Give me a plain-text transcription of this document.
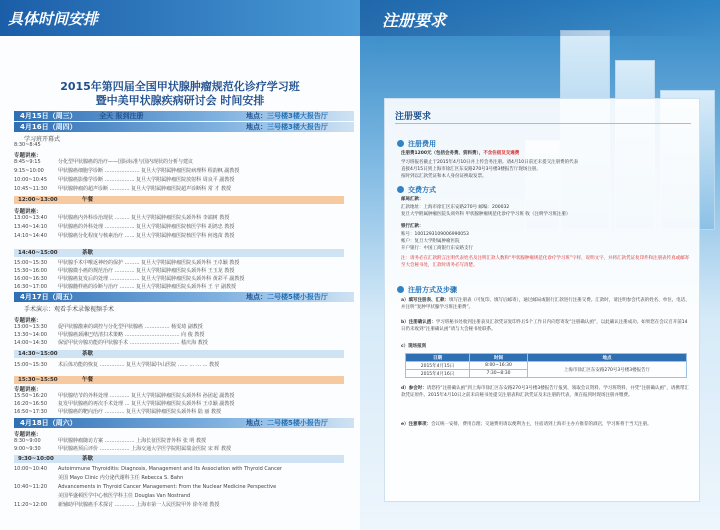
具体时间安排
2015年第四届全国甲状腺肿瘤规范化诊疗学习班
暨中美甲状腺疾病研讨会 时间安排
4月15日（周三）	全天 报到注册	地点：三号楼3楼大报告厅
4月16日（周四）	地点：三号楼3楼大报告厅
学习班开幕式
8:30~8:45
专题讲座：
8:45~9:15	分化型甲状腺癌的治疗——国际标准与国内现状的分析与建议
9:15~10:00	甲状腺癌细胞学诊断 ………………… 复旦大学附属肿瘤医院病理科 程韵枫 副教授
10:00~10:45 甲状腺癌影像学诊断 ……………… 复旦大学附属肿瘤医院放射科 周良平 副教授
10:45~11:30 甲状腺肿瘤的超声诊断 ………… 复旦大学附属肿瘤医院超声诊断科 常 才 教授
12:00~13:00	午餐
专题讲座：
13:00~13:40 甲状腺癌内外科诊治现状 ……… 复旦大学附属肿瘤医院头颈外科 李端树 教授
13:40~14:10 甲状腺癌的外科处理 ……………… 复旦大学附属肿瘤医院核医学科 胡鸿忠 教授
14:10~14:40 甲状腺癌分化程度与核素治疗 …… 复旦大学附属肿瘤医院核医学科 何逸苗 教授
14:40~15:00	茶歇
15:00~15:30 甲状腺手术中喉返神经的保护 ……… 复旦大学附属肿瘤医院头颈外科 王卓颖 教授
15:30~16:00 甲状腺微小癌的规范治疗 ………… 复旦大学附属肿瘤医院头颈外科 王玉龙 教授
16:00~16:30 甲状腺癌复发后的处理 ……………… 复旦大学附属肿瘤医院头颈外科 黄彩平 副教授
16:30~17:00 甲状腺髓样癌的诊断与治疗 ……… 复旦大学附属肿瘤医院头颈外科 王 宇 副教授
4月17日（周五）	地点：二号楼5楼小报告厅
手术演示：观看手术录像视频手术
专题讲座：
13:00~13:30 促甲状腺激素的调控与分化型甲状腺癌 …………… 杨雯琦 副教授
13:30~14:00 甲状腺癌颈淋巴结清扫术策略 …………………………… 向 俊 教授
14:00~14:30 保留甲状旁腺功能的甲状腺手术 ………………………… 嵇庆海 教授
14:30~15:00	茶歇
15:00~15:30 术后体功能的恢复 …………… 复旦大学附属中山医院 …… … … … 教授
15:30~15:50	午餐
专题讲座：
15:50~16:20 甲状腺结节的外科处理 ………… 复旦大学附属肿瘤医院头颈外科 孙团起 副教授
16:20~16:50 复发甲状腺癌的再次手术处理 … 复旦大学附属肿瘤医院头颈外科 王卓颖 副教授
16:50~17:30 甲状腺癌的靶向治疗 ………… 复旦大学附属肿瘤医院头颈外科 陆 丽 教授
4月18日（周六）	地点：二号楼5楼小报告厅
专题讲座：
8:30~9:00	甲状腺肿瘤随访方案 ……………… 上海长征医院普外科 张 明 教授
9:00~9:30	甲状腺癌预后评价 ……………… 上海交通大学医学院附属瑞金医院 宋 晖 教授
9:30~10:00	茶歇
10:00~10:40 Autoimmune Thyroiditis: Diagnosis, Management and Its Association with Thyroid Cancer
美国 Mayo Clinic 内分泌代谢科主任 Rebecca S. Bahn
10:40~11:20 Advancements in Thyroid Cancer Management: From the Nuclear Medicine Perspective
美国华盛顿医学中心核医学科主任 Douglas Van Nostrand
11:20~12:00 新辅助甲状腺癌手术探讨 ………… 上海市第一人民医院甲外 徐冬靖 教授
注册要求
注册要求
注册费用
注册费1200元（包括会务费、资料费），不含住宿及交通费
学习班报名截止于2015年4月10日并上传会务注册。请4月10日前还未提交注册费的代表
直接4月15日到上海市徐汇区东安路270号3号楼3楼报告厅现场注册。
按时到以汇款凭证和本人身份证换取发票。
交费方式
邮局汇款：
汇款地址：上海市徐汇区东安路270号 邮编：200032
复旦大学附属肿瘤医院头颈外科 甲状腺肿瘤规范化诊疗学习班 收（注明学习班注册）
银行汇款：
账号：1001293109006990053
帐户：复旦大学附属肿瘤医院
开户银行：中国工商银行东安路支行
注：请务必在汇款附言注明代表姓名及注明汇款人数和“甲状腺肿瘤规范化诊疗学习班”字样，说明文字，并将汇款凭证复印件和注册表传真或邮寄至大会秘书处，汇款时请务必写清楚。
注册方式及步骤
a）填写注册表、汇款：填写注册表（可复印、填写后邮寄），通过邮局或银行汇款进行注册交费。汇款时，请注明参会代表的姓名、单位、电话、并注明“复肿甲状腺学习班注册费”。
b）注册确认函：学习班秘书处收到注册表及汇款凭证复印件后5个工作日内向您寄发“注册确认函”，以此确认注册成功。如果您在会议召开前14日仍未收到“注册确认函”请与大会秘书处联系。
c）现场报到
日期	时间	地点
2015年4月15日	8:00~16:30	上海市徐汇区东安路270号3号楼3楼报告厅
2015年4月16日	7:30~8:30	
d）参会时：请您持“注册确认函”到上海市徐汇区东安路270号3号楼3楼报告厅报到，领取会议资料、学习班资料，并凭“注册确认函”，请携带汇款凭证原件。2015年4月10日之前未向秘书处提交注册表和汇款凭证及未注册的代表，须在报到时现场注册并缴费。
e）注意事项：会议统一安排，费用自理；交通费用请以便利为主，住宿请到上海市主办方推荐的酒店，学习班将于当天注册。
